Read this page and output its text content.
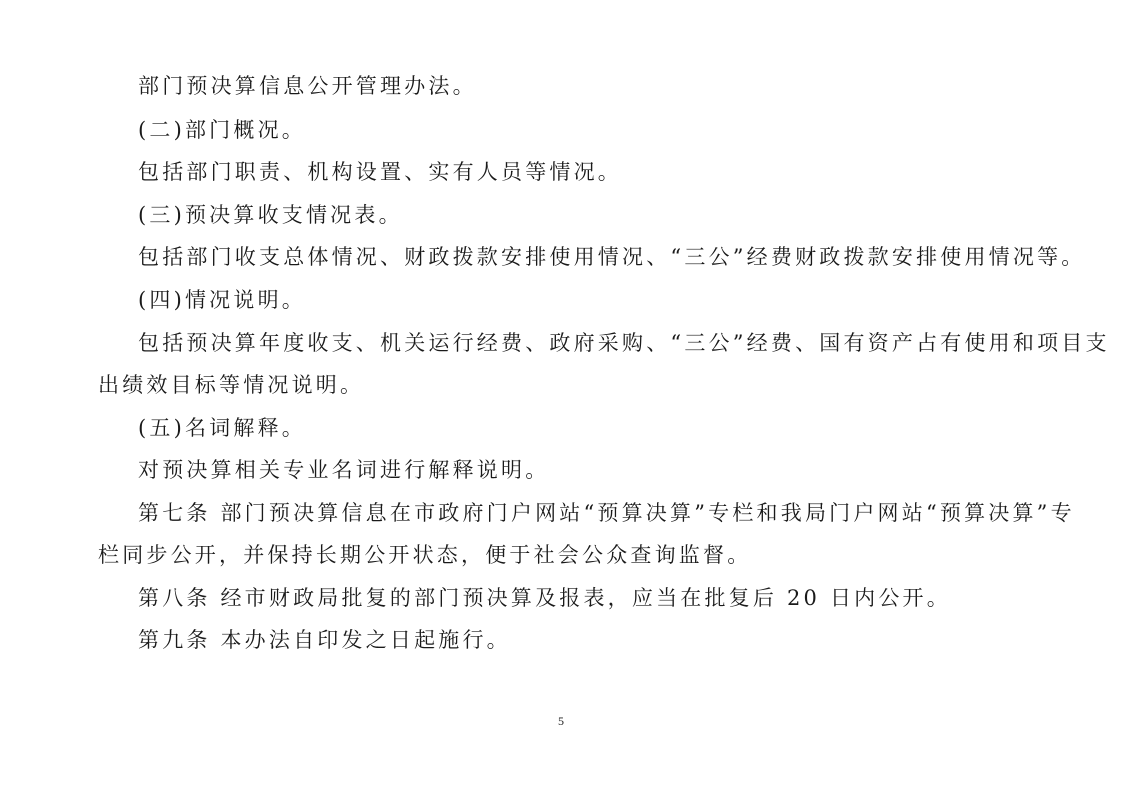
部门预决算信息公开管理办法。
(二)部门概况。
包括部门职责、机构设置、实有人员等情况。
(三)预决算收支情况表。
包括部门收支总体情况、财政拨款安排使用情况、“三公”经费财政拨款安排使用情况等。
(四)情况说明。
包括预决算年度收支、机关运行经费、政府采购、“三公”经费、国有资产占有使用和项目支
出绩效目标等情况说明。
(五)名词解释。
对预决算相关专业名词进行解释说明。
第七条 部门预决算信息在市政府门户网站“预算决算”专栏和我局门户网站“预算决算”专
栏同步公开，并保持长期公开状态，便于社会公众查询监督。
第八条 经市财政局批复的部门预决算及报表，应当在批复后 20 日内公开。
第九条 本办法自印发之日起施行。
5
